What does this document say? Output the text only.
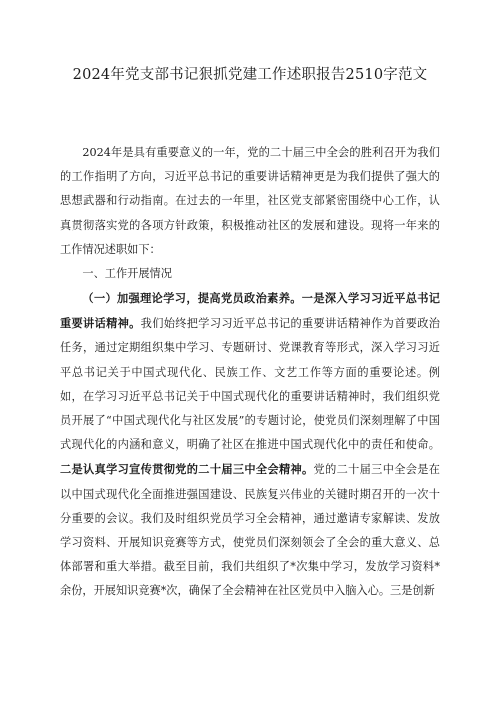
2024年党支部书记狠抓党建工作述职报告2510字范文

2024年是具有重要意义的一年，党的二十届三中全会的胜利召开为我们的工作指明了方向，习近平总书记的重要讲话精神更是为我们提供了强大的思想武器和行动指南。在过去的一年里，社区党支部紧密围绕中心工作，认真贯彻落实党的各项方针政策，积极推动社区的发展和建设。现将一年来的工作情况述职如下：

一、工作开展情况

（一）加强理论学习，提高党员政治素养。一是深入学习习近平总书记重要讲话精神。我们始终把学习习近平总书记的重要讲话精神作为首要政治任务，通过定期组织集中学习、专题研讨、党课教育等形式，深入学习习近平总书记关于中国式现代化、民族工作、文艺工作等方面的重要论述。例如，在学习习近平总书记关于中国式现代化的重要讲话精神时，我们组织党员开展了“中国式现代化与社区发展”的专题讨论，使党员们深刻理解了中国式现代化的内涵和意义，明确了社区在推进中国式现代化中的责任和使命。二是认真学习宣传贯彻党的二十届三中全会精神。党的二十届三中全会是在以中国式现代化全面推进强国建设、民族复兴伟业的关键时期召开的一次十分重要的会议。我们及时组织党员学习全会精神，通过邀请专家解读、发放学习资料、开展知识竞赛等方式，使党员们深刻领会了全会的重大意义、总体部署和重大举措。截至目前，我们共组织了*次集中学习，发放学习资料*余份，开展知识竞赛*次，确保了全会精神在社区党员中入脑入心。三是创新
